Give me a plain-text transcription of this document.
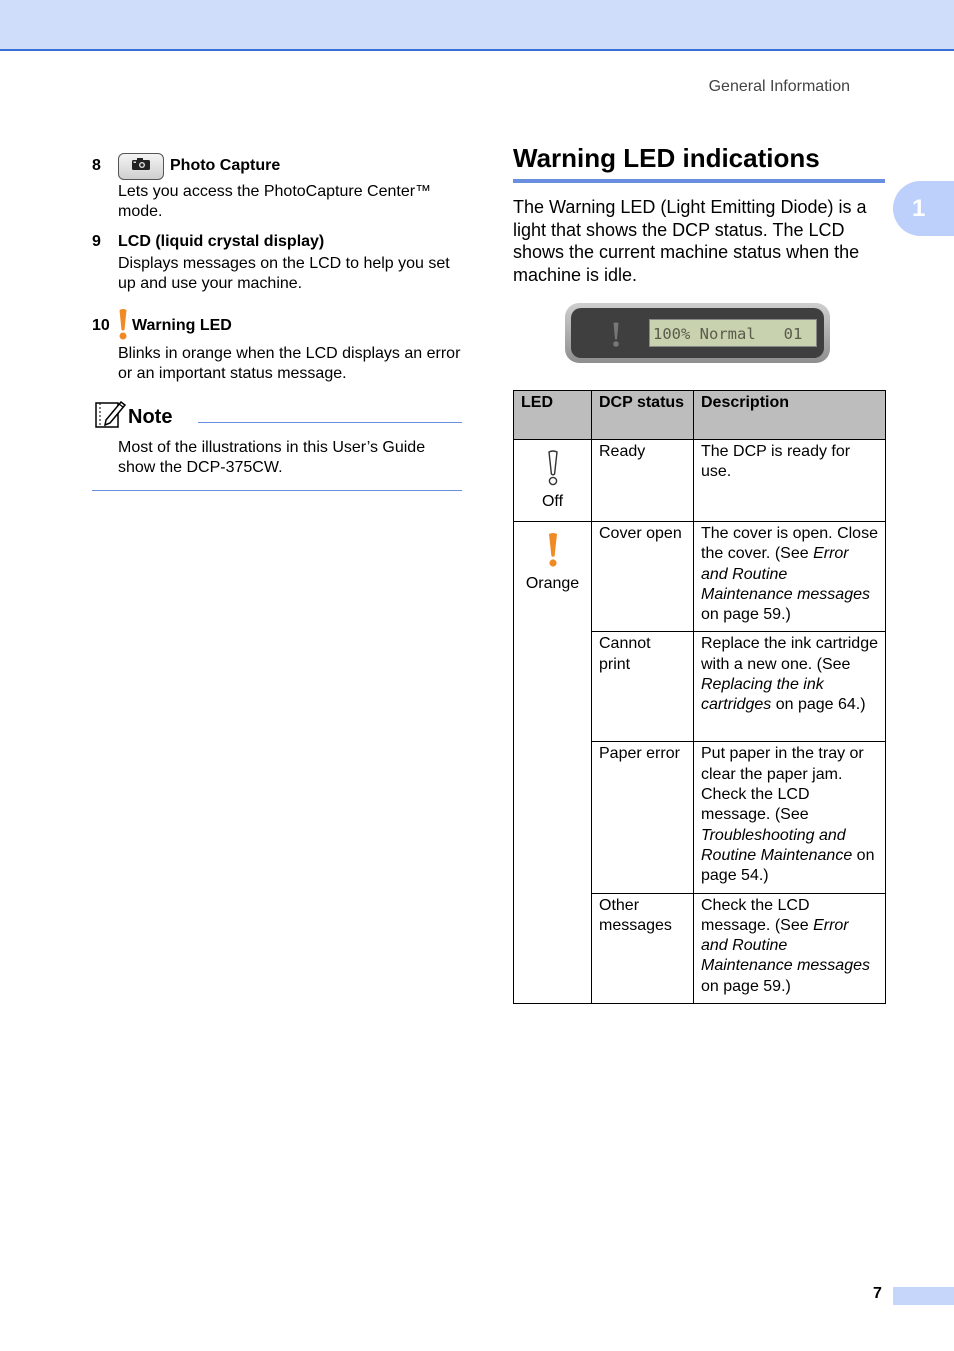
General Information
1
8	Photo Capture
Lets you access the PhotoCapture Center™ mode.
9	LCD (liquid crystal display)
Displays messages on the LCD to help you set up and use your machine.
10	Warning LED
Blinks in orange when the LCD displays an error or an important status message.
Note
Most of the illustrations in this User’s Guide show the DCP-375CW.
Warning LED indications
The Warning LED (Light Emitting Diode) is a light that shows the DCP status. The LCD shows the current machine status when the machine is idle.
100% Normal   01
LED	DCP status	Description

Off	Ready	The DCP is ready for use.

Orange	Cover open	The cover is open. Close the cover. (See Error and Routine Maintenance messages on page 59.)
	Cannot print	Replace the ink cartridge with a new one. (See Replacing the ink cartridges on page 64.)
	Paper error	Put paper in the tray or clear the paper jam. Check the LCD message. (See Troubleshooting and Routine Maintenance on page 54.)
	Other messages	Check the LCD message. (See Error and Routine Maintenance messages on page 59.)
7
